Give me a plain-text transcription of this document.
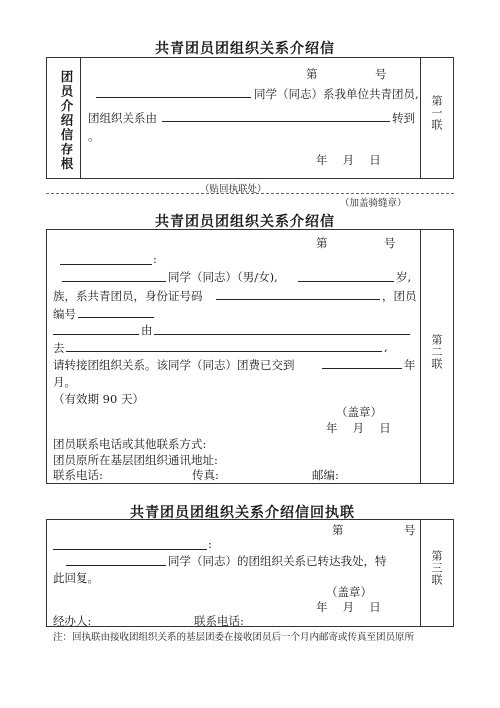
共青团员团组织关系介绍信
团员介绍信存根	第	号
同学（同志）系我单位共青团员,
团组织关系由	转到
。
年　 月　 日
第一联
（贴回执联处）
（加盖骑缝章）
共青团员团组织关系介绍信
第	号
:
同学（同志）（男/女),	岁,
族，系共青团员，身份证号码	，团员
编号
由
去	,
请转接团组织关系。该同学（同志）团费已交到	年
月。
（有效期 90 天）
（盖章）
年　 月　 日
团员联系电话或其他联系方式:
团员原所在基层团组织通讯地址:
联系电话:	传真:	邮编:
第二联
共青团员团组织关系介绍信回执联
第	号
:
同学（同志）的团组织关系已转达我处，特
此回复。
（盖章）
年　 月　 日
经办人:	联系电话:
第三联
注：回执联由接收团组织关系的基层团委在接收团员后一个月内邮寄或传真至团员原所
